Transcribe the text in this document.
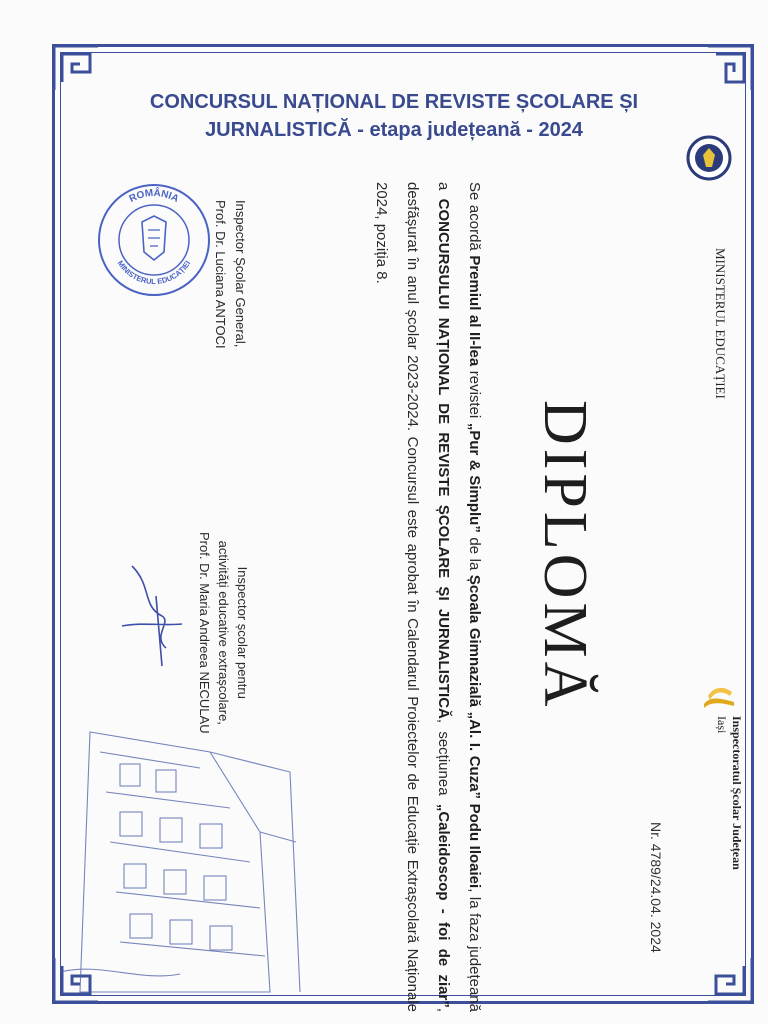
CONCURSUL NAȚIONAL DE REVISTE ȘCOLARE ȘI
JURNALISTICĂ - etapa județeană - 2024
MINISTERUL EDUCAȚIEI
Inspectoratul Școlar Județean
Iași
Nr. 4789/24.04. 2024
DIPLOMĂ
Se acordă Premiul al II-lea revistei „Pur & Simplu” de la Școala Gimnazială „Al. I. Cuza” Podu Iloaiei, la faza județeană a CONCURSULUI NAȚIONAL DE REVISTE ȘCOLARE ȘI JURNALISTICĂ, secțiunea „Caleidoscop - foi de ziar”, desfășurat în anul școlar 2023-2024. Concursul este aprobat în Calendarul Proiectelor de Educație Extrașcolară Naționale 2024, poziția 8.
ROMÂNIA
MINISTERUL EDUCAȚIEI	Inspector Școlar General,
Prof. Dr. Luciana ANTOCI
Inspector școlar pentru
activități educative extrașcolare,
Prof. Dr. Maria Andreea NECULAU
